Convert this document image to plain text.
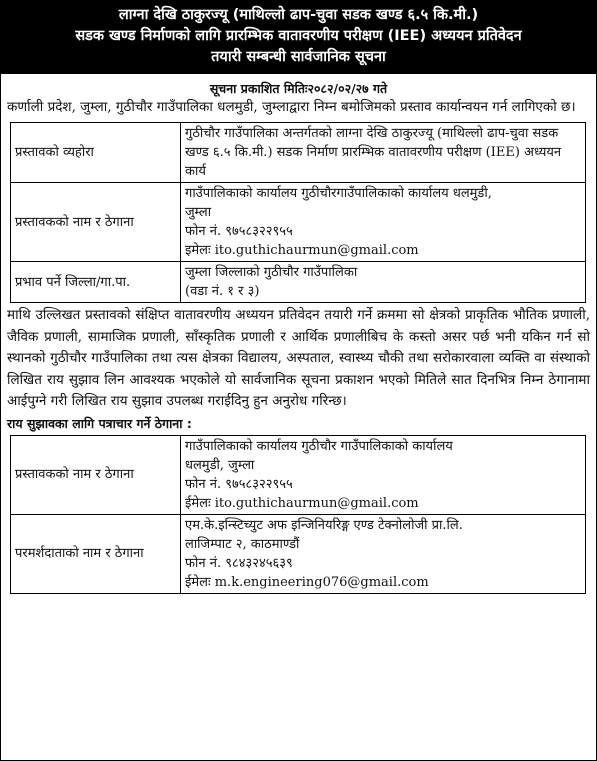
लाग्ना देखि ठाकुरज्यू (माथिल्लो ढाप-चुवा सडक खण्ड ६.५ कि.मी.)
सडक खण्ड निर्माणको लागि प्रारम्भिक वातावरणीय परीक्षण (IEE) अध्ययन प्रतिवेदन
तयारी सम्बन्धी सार्वजानिक सूचना
सूचना प्रकाशित मितिः२०८२/०२/२७ गते
कर्णाली प्रदेश, जुम्ला, गुठीचौर गाउँपालिका धलमुडी, जुम्लाद्वारा निम्न बमोजिमको प्रस्ताव कार्यान्वयन गर्न लागिएको छ।
प्रस्तावको व्यहोरा	गुठीचौर गाउँपालिका अन्तर्गतको लाग्ना देखि ठाकुरज्यू (माथिल्लो ढाप-चुवा सडक खण्ड ६.५ कि.मी.) सडक निर्माण प्रारम्भिक वातावरणीय परीक्षण (IEE) अध्ययन कार्य
प्रस्तावकको नाम र ठेगाना	गाउँपालिकाको कार्यालय गुठीचौरगाउँपालिकाको कार्यालय धलमुडी,
जुम्ला
फोन नं. ९७५८३२२९५५
इमेलः ito.guthichaurmun@gmail.com

प्रभाव पर्ने जिल्ला/गा.पा.	जुम्ला जिल्लाको गुठीचौर गाउँपालिका
(वडा नं. १ र ३)
माथि उल्लिखत प्रस्तावको संक्षिप्त वातावरणीय अध्ययन प्रतिवेदन तयारी गर्ने क्रममा सो क्षेत्रको प्राकृतिक भौतिक प्रणाली, जैविक प्रणाली, सामाजिक प्रणाली, साँस्कृतिक प्रणाली र आर्थिक प्रणालीबिच के कस्तो असर पर्छ भनी यकिन गर्न सो स्थानको गुठीचौर गाउँपालिका तथा त्यस क्षेत्रका विद्यालय, अस्पताल, स्वास्थ्य चौकी तथा सरोकारवाला व्यक्ति वा संस्थाको लिखित राय सुझाव लिन आवश्यक भएकोले यो सार्वजानिक सूचना प्रकाशन भएको मितिले सात दिनभित्र निम्न ठेगानामा आईपुग्ने गरी लिखित राय सुझाव उपलब्ध गराईदिनु हुन अनुरोध गरिन्छ।
राय सुझावका लागि पत्राचार गर्ने ठेगाना :
प्रस्तावकको नाम र ठेगाना	गाउँपालिकाको कार्यालय गुठीचौर गाउँपालिकाको कार्यालय
धलमुडी, जुम्ला
फोन नं. ९७५८३२२९५५
ईमेलः ito.guthichaurmun@gmail.com

परमर्शदाताको नाम र ठेगाना	एम.के.इन्स्टिच्युट अफ इन्जिनियरिङ्ग एण्ड टेक्नोलोजी प्रा.लि.
लाजिम्पाट २, काठमाण्डौं
फोन नं. ९८४३२४५६३९
ईमेलः m.k.engineering076@gmail.com
